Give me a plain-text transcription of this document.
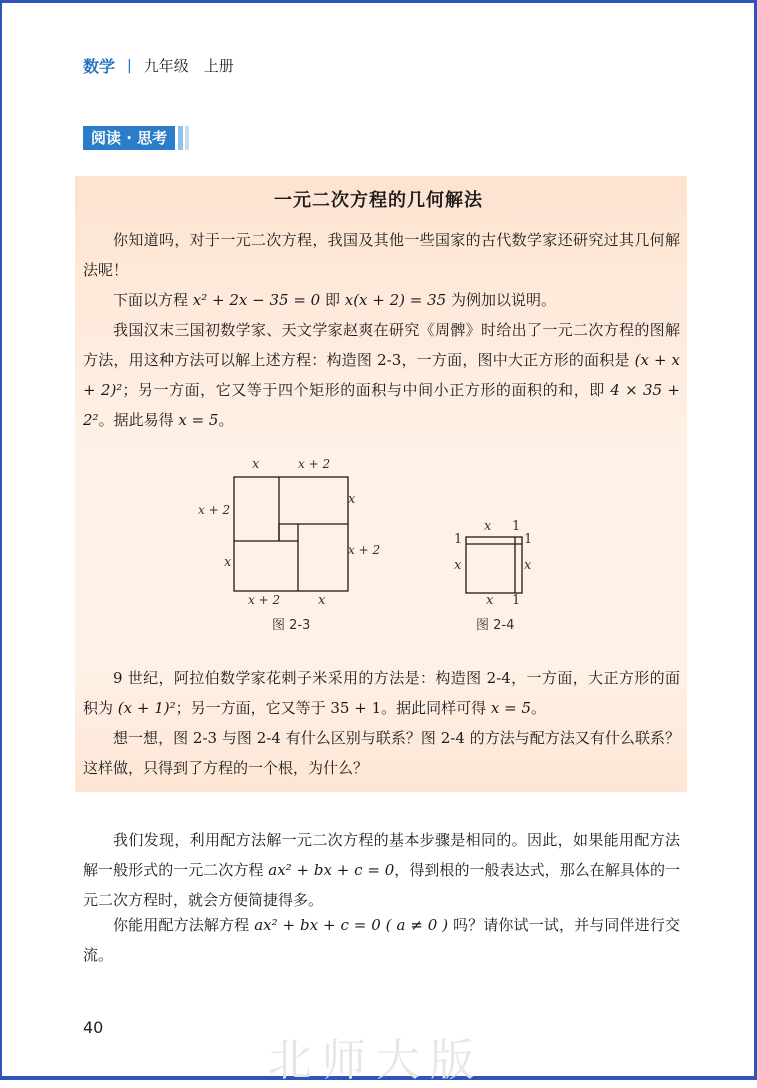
数学 | 九年级　上册
阅读 · 思考
一元二次方程的几何解法
你知道吗，对于一元二次方程，我国及其他一些国家的古代数学家还研究过其几何解法呢！
下面以方程 x² + 2x − 35 = 0 即 x(x + 2) = 35 为例加以说明。
我国汉末三国初数学家、天文学家赵爽在研究《周髀》时给出了一元二次方程的图解方法，用这种方法可以解上述方程：构造图 2-3，一方面，图中大正方形的面积是 (x + x + 2)²；另一方面，它又等于四个矩形的面积与中间小正方形的面积的和，即 4 × 35 + 2²。据此易得 x = 5。
x	x + 2
x
x + 2
x + 2
x
x + 2	x
图 2-3
x 1
1
x
1
x
x 1
图 2-4
9 世纪，阿拉伯数学家花剌子米采用的方法是：构造图 2-4，一方面，大正方形的面积为 (x + 1)²；另一方面，它又等于 35 + 1。据此同样可得 x = 5。
想一想，图 2-3 与图 2-4 有什么区别与联系？图 2-4 的方法与配方法又有什么联系？这样做，只得到了方程的一个根，为什么？
我们发现，利用配方法解一元二次方程的基本步骤是相同的。因此，如果能用配方法解一般形式的一元二次方程 ax² + bx + c = 0，得到根的一般表达式，那么在解具体的一元二次方程时，就会方便简捷得多。
你能用配方法解方程 ax² + bx + c = 0 ( a ≠ 0 ) 吗？请你试一试，并与同伴进行交流。
40
北师大版
